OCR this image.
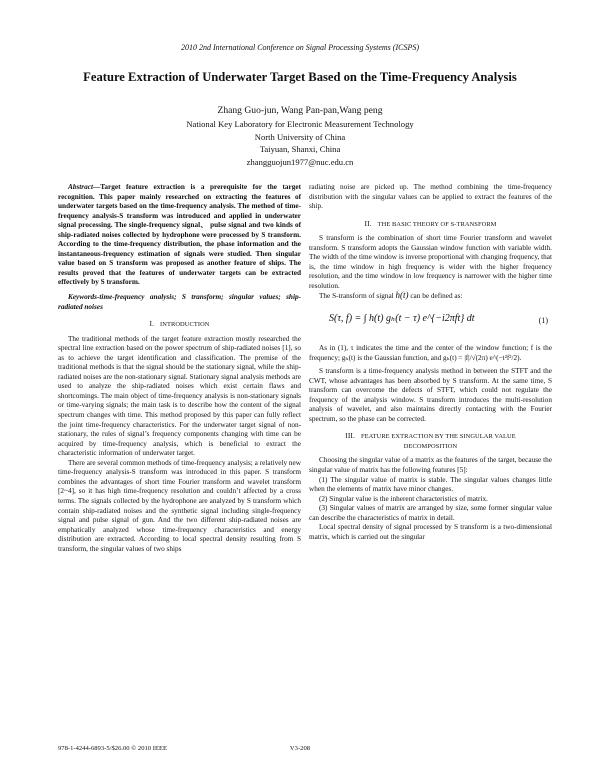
2010 2nd International Conference on Signal Processing Systems (ICSPS)
Feature Extraction of Underwater Target Based on the Time-Frequency Analysis
Zhang Guo-jun, Wang Pan-pan,Wang peng
National Key Laboratory for Electronic Measurement Technology
North University of China
Taiyuan, Shanxi, China
zhangguojun1977@nuc.edu.cn

Abstract—Target feature extraction is a prerequisite for the target recognition. This paper mainly researched on extracting the features of underwater targets based on the time-frequency analysis. The method of time-frequency analysis-S transform was introduced and applied in underwater signal processing. The single-frequency signal、 pulse signal and two kinds of ship-radiated noises collected by hydrophone were processed by S transform. According to the time-frequency distribution, the phase information and the instantaneous-frequency estimation of signals were studied. Then singular value based on S transform was proposed as another feature of ships. The results proved that the features of underwater targets can be extracted effectively by S transform.

Keywords-time-frequency analysis; S transform; singular values; ship-radiated noises

I. INTRODUCTION

The traditional methods of the target feature extraction mostly researched the spectral line extraction based on the power spectrum of ship-radiated noises [1], so as to achieve the target identification and classification. The premise of the traditional methods is that the signal should be the stationary signal, while the ship-radiated noises are the non-stationary signal. Stationary signal analysis methods are used to analyze the ship-radiated noises which exist certain flaws and shortcomings. The main object of time-frequency analysis is non-stationary signals or time-varying signals; the main task is to describe how the content of the signal spectrum changes with time. This method proposed by this paper can fully reflect the joint time-frequency characteristics. For the underwater target signal of non-stationary, the rules of signal’s frequency components changing with time can be acquired by time-frequency analysis, which is beneficial to extract the characteristic information of underwater target.

There are several common methods of time-frequency analysis; a relatively new time-frequency analysis-S transform was introduced in this paper. S transform combines the advantages of short time Fourier transform and wavelet transform [2~4], so it has high time-frequency resolution and couldn’t affected by a cross terms. The signals collected by the hydrophone are analyzed by S transform which contain ship-radiated noises and the synthetic signal including single-frequency signal and pulse signal of gun. And the two different ship-radiated noises are emphatically analyzed whose time-frequency characteristics and energy distribution are extracted. According to local spectral density resulting from S transform, the singular values of two ships

radiating noise are picked up. The method combining the time-frequency distribution with the singular values can be applied to extract the features of the ship.

II. THE BASIC THEORY OF S-TRANSFORM

S transform is the combination of short time Fourier transform and wavelet transform. S transform adopts the Gaussian window function with variable width. The width of the time window is inverse proportional with changing frequency, that is, the time window in high frequency is wider with the higher frequency resolution, and the time window in low frequency is narrower with the higher time resolution.

The S-transform of signal h(t) can be defined as:

S(τ, f) = ∫ h(t) gₕ(t − τ) e^{−i2πft} dt	(1)

As in (1), τ indicates the time and the center of the window function; f is the frequency; gₕ(t) is the Gaussian function, and gₕ(t) = |f|/√(2π) e^(−t²f²/2).

S transform is a time-frequency analysis method in between the STFT and the CWT, whose advantages has been absorbed by S transform. At the same time, S transform can overcome the defects of STFT, which could not regulate the frequency of the analysis window. S transform introduces the multi-resolution analysis of wavelet, and also maintains directly contacting with the Fourier spectrum, so the phase can be corrected.

III. FEATURE EXTRACTION BY THE SINGULAR VALUE
DECOMPOSITION

Choosing the singular value of a matrix as the features of the target, because the singular value of matrix has the following features [5]:

(1) The singular value of matrix is stable. The singular values changes little when the elements of matrix have minor changes.

(2) Singular value is the inherent characteristics of matrix.

(3) Singular values of matrix are arranged by size, some former singular value can describe the characteristics of matrix in detail.

Local spectral density of signal processed by S transform is a two-dimensional matrix, which is carried out the singular

978-1-4244-6893-5/$26.00 © 2010 IEEE	V3-208
